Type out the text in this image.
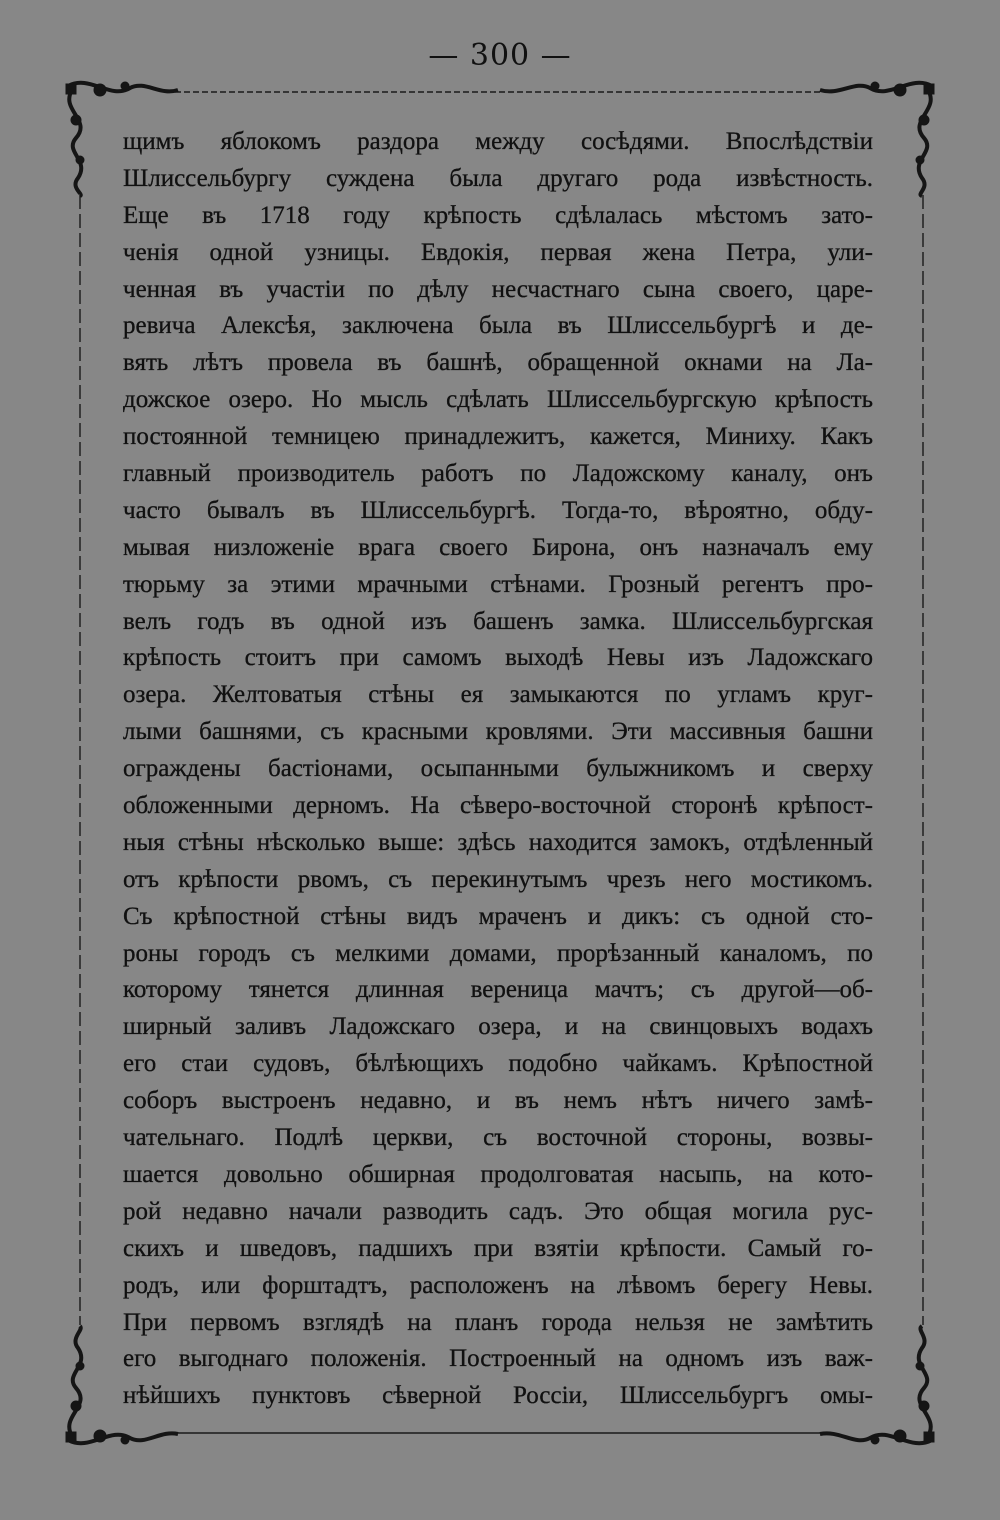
— 300 —
щимъ яблокомъ раздора между сосѣдями. Впослѣдствіи
Шлиссельбургу суждена была другаго рода извѣстность.
Еще въ 1718 году крѣпость сдѣлалась мѣстомъ зато-
ченія одной узницы. Евдокія, первая жена Петра, ули-
ченная въ участіи по дѣлу несчастнаго сына своего, царе-
ревича Алексѣя, заключена была въ Шлиссельбургѣ и де-
вять лѣтъ провела въ башнѣ, обращенной окнами на Ла-
дожское озеро. Но мысль сдѣлать Шлиссельбургскую крѣпость
постоянной темницею принадлежитъ, кажется, Миниху. Какъ
главный производитель работъ по Ладожскому каналу, онъ
часто бывалъ въ Шлиссельбургѣ. Тогда-то, вѣроятно, обду-
мывая низложеніе врага своего Бирона, онъ назначалъ ему
тюрьму за этими мрачными стѣнами. Грозный регентъ про-
велъ годъ въ одной изъ башенъ замка. Шлиссельбургская
крѣпость стоитъ при самомъ выходѣ Невы изъ Ладожскаго
озера. Желтоватыя стѣны ея замыкаются по угламъ круг-
лыми башнями, съ красными кровлями. Эти массивныя башни
ограждены бастіонами, осыпанными булыжникомъ и сверху
обложенными дерномъ. На сѣверо-восточной сторонѣ крѣпост-
ныя стѣны нѣсколько выше: здѣсь находится замокъ, отдѣленный
отъ крѣпости рвомъ, съ перекинутымъ чрезъ него мостикомъ.
Съ крѣпостной стѣны видъ мраченъ и дикъ: съ одной сто-
роны городъ съ мелкими домами, прорѣзанный каналомъ, по
которому тянется длинная вереница мачтъ; съ другой—об-
ширный заливъ Ладожскаго озера, и на свинцовыхъ водахъ
его стаи судовъ, бѣлѣющихъ подобно чайкамъ. Крѣпостной
соборъ выстроенъ недавно, и въ немъ нѣтъ ничего замѣ-
чательнаго. Подлѣ церкви, съ восточной стороны, возвы-
шается довольно обширная продолговатая насыпь, на кото-
рой недавно начали разводить садъ. Это общая могила рус-
скихъ и шведовъ, падшихъ при взятіи крѣпости. Самый го-
родъ, или форштадтъ, расположенъ на лѣвомъ берегу Невы.
При первомъ взглядѣ на планъ города нельзя не замѣтить
его выгоднаго положенія. Построенный на одномъ изъ важ-
нѣйшихъ пунктовъ сѣверной Россіи, Шлиссельбургъ омы-
